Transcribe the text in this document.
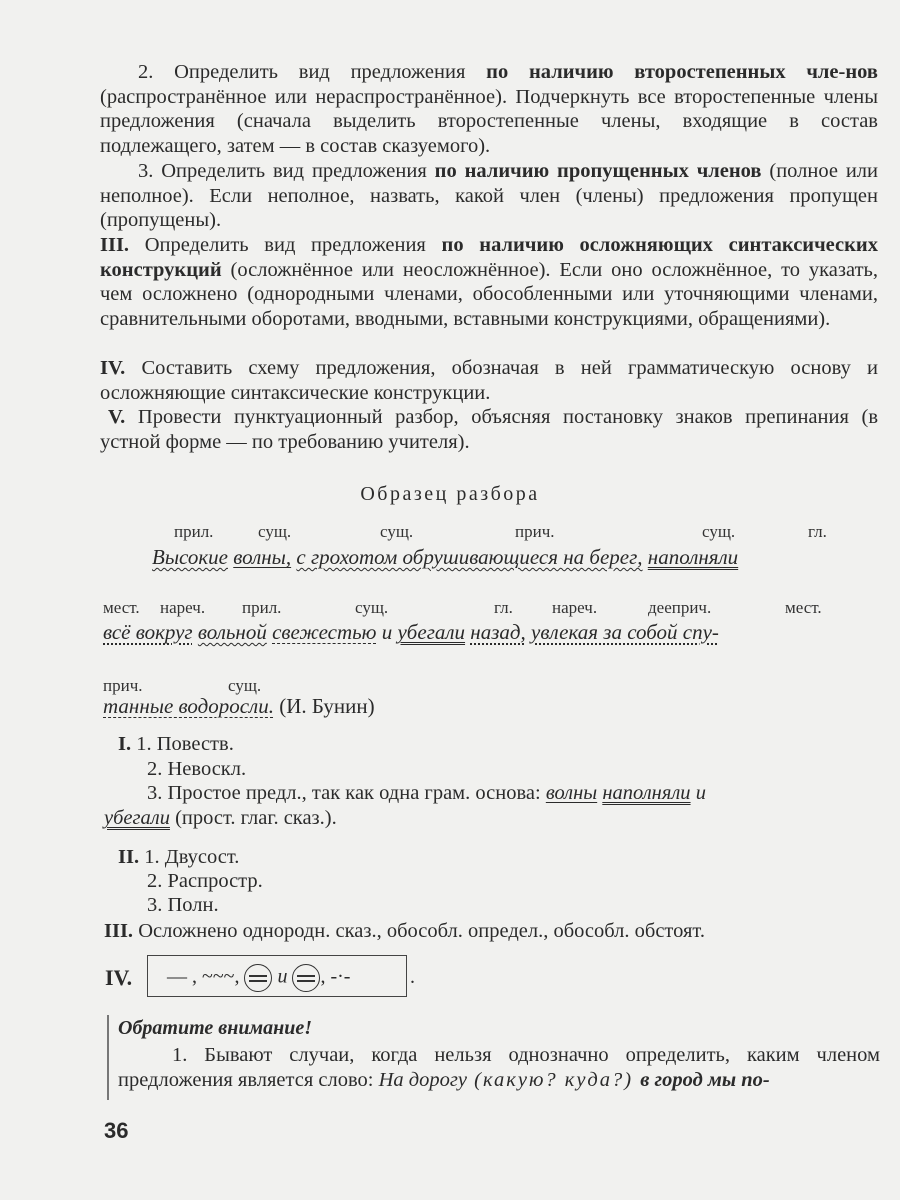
2. Определить вид предложения по наличию второстепенных чле-нов (распространённое или нераспространённое). Подчеркнуть все второстепенные члены предложения (сначала выделить второстепенные члены, входящие в состав подлежащего, затем — в состав сказуемого).

3. Определить вид предложения по наличию пропущенных членов (полное или неполное). Если неполное, назвать, какой член (члены) предложения пропущен (пропущены).

III. Определить вид предложения по наличию осложняющих синтаксических конструкций (осложнённое или неосложнённое). Если оно осложнённое, то указать, чем осложнено (однородными членами, обособленными или уточняющими членами, сравнительными оборотами, вводными, вставными конструкциями, обращениями).

IV. Составить схему предложения, обозначая в ней грамматическую основу и осложняющие синтаксические конструкции.

V. Провести пунктуационный разбор, объясняя постановку знаков препинания (в устной форме — по требованию учителя).

Образец разбора
прил.	сущ.	сущ.	прич.	сущ.	гл.
Высокие волны, с грохотом обрушивающиеся на берег, наполняли
мест. нареч. прил.	сущ.	гл. нареч.	дееприч.	мест.
всё вокруг вольной свежестью и убегали назад, увлекая за собой спу-
прич.	сущ.
танные водоросли. (И. Бунин)
I. 1. Повеств.
2. Невоскл.
3. Простое предл., так как одна грам. основа: волны наполняли и
убегали (прост. глаг. сказ.).
II. 1. Двусост.
2. Распростр.
3. Полн.
III. Осложнено однородн. сказ., обособл. определ., обособл. обстоят.
IV. — , ~~~, и , -·-	.
Обратите внимание!
1. Бывают случаи, когда нельзя однозначно определить, каким членом предложения является слово: На дорогу (какую? куда?) в город мы по-
36
